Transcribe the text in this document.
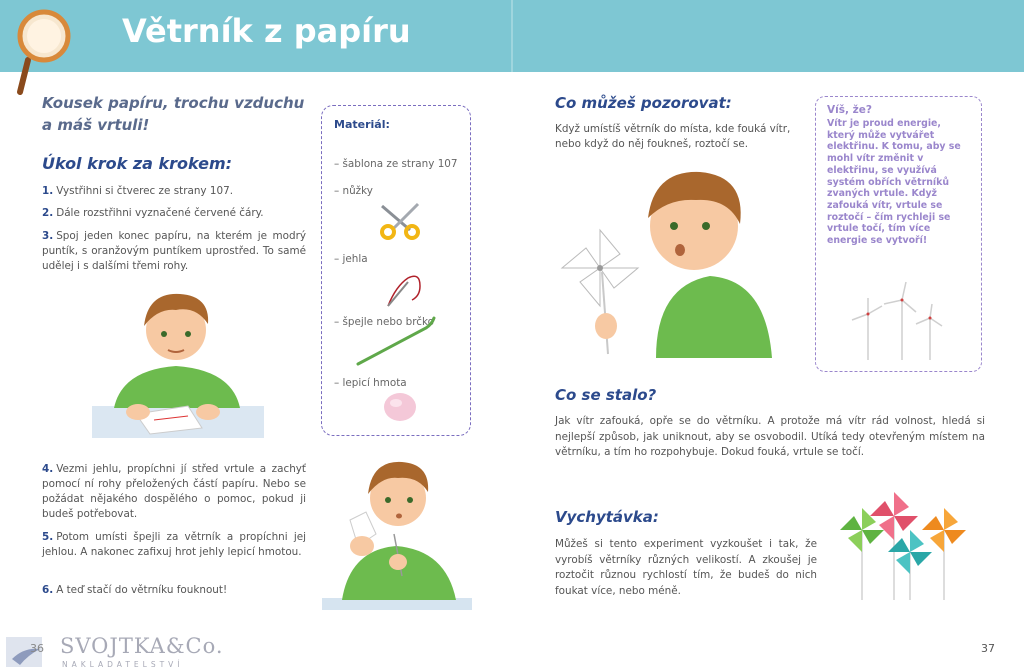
Větrník z papíru
Kousek papíru, trochu vzduchu
a máš vrtuli!
Úkol krok za krokem:
1. Vystřihni si čtverec ze strany 107.
2. Dále rozstřihni vyznačené červené čáry.
3. Spoj jeden konec papíru, na kterém je modrý puntík, s oranžovým puntíkem uprostřed. To samé udělej i s dalšími třemi rohy.
4. Vezmi jehlu, propíchni jí střed vrtule a zachyť pomocí ní rohy přeložených částí papíru. Nebo se požádat nějakého dospělého o pomoc, pokud ji budeš potřebovat.
5. Potom umísti špejli za větrník a propíchni jej jehlou. A nakonec zafixuj hrot jehly lepicí hmotou.
6. A teď stačí do větrníku fouknout!
Materiál:
– šablona ze strany 107
– nůžky
– jehla
– špejle nebo brčko
– lepicí hmota
Co můžeš pozorovat:
Když umístíš větrník do místa, kde fouká vítr, nebo když do něj foukneš, roztočí se.
Víš, že?
Vítr je proud energie, který může vytvářet elektřinu. K tomu, aby se mohl vítr změnit v elektřinu, se využívá systém obřích větrníků zvaných vrtule. Když zafouká vítr, vrtule se roztočí – čím rychleji se vrtule točí, tím více energie se vytvoří!
Co se stalo?
Jak vítr zafouká, opře se do větrníku. A protože má vítr rád volnost, hledá si nejlepší způsob, jak uniknout, aby se osvobodil. Utíká tedy otevřeným místem na větrníku, a tím ho rozpohybuje. Dokud fouká, vrtule se točí.
Vychytávka:
Můžeš si tento experiment vyzkoušet i tak, že vyrobíš větrníky různých velikostí. A zkoušej je roztočit různou rychlostí tím, že budeš do nich foukat více, nebo méně.
SVOJTKA&Co.
NAKLADATELSTVÍ
36	37
